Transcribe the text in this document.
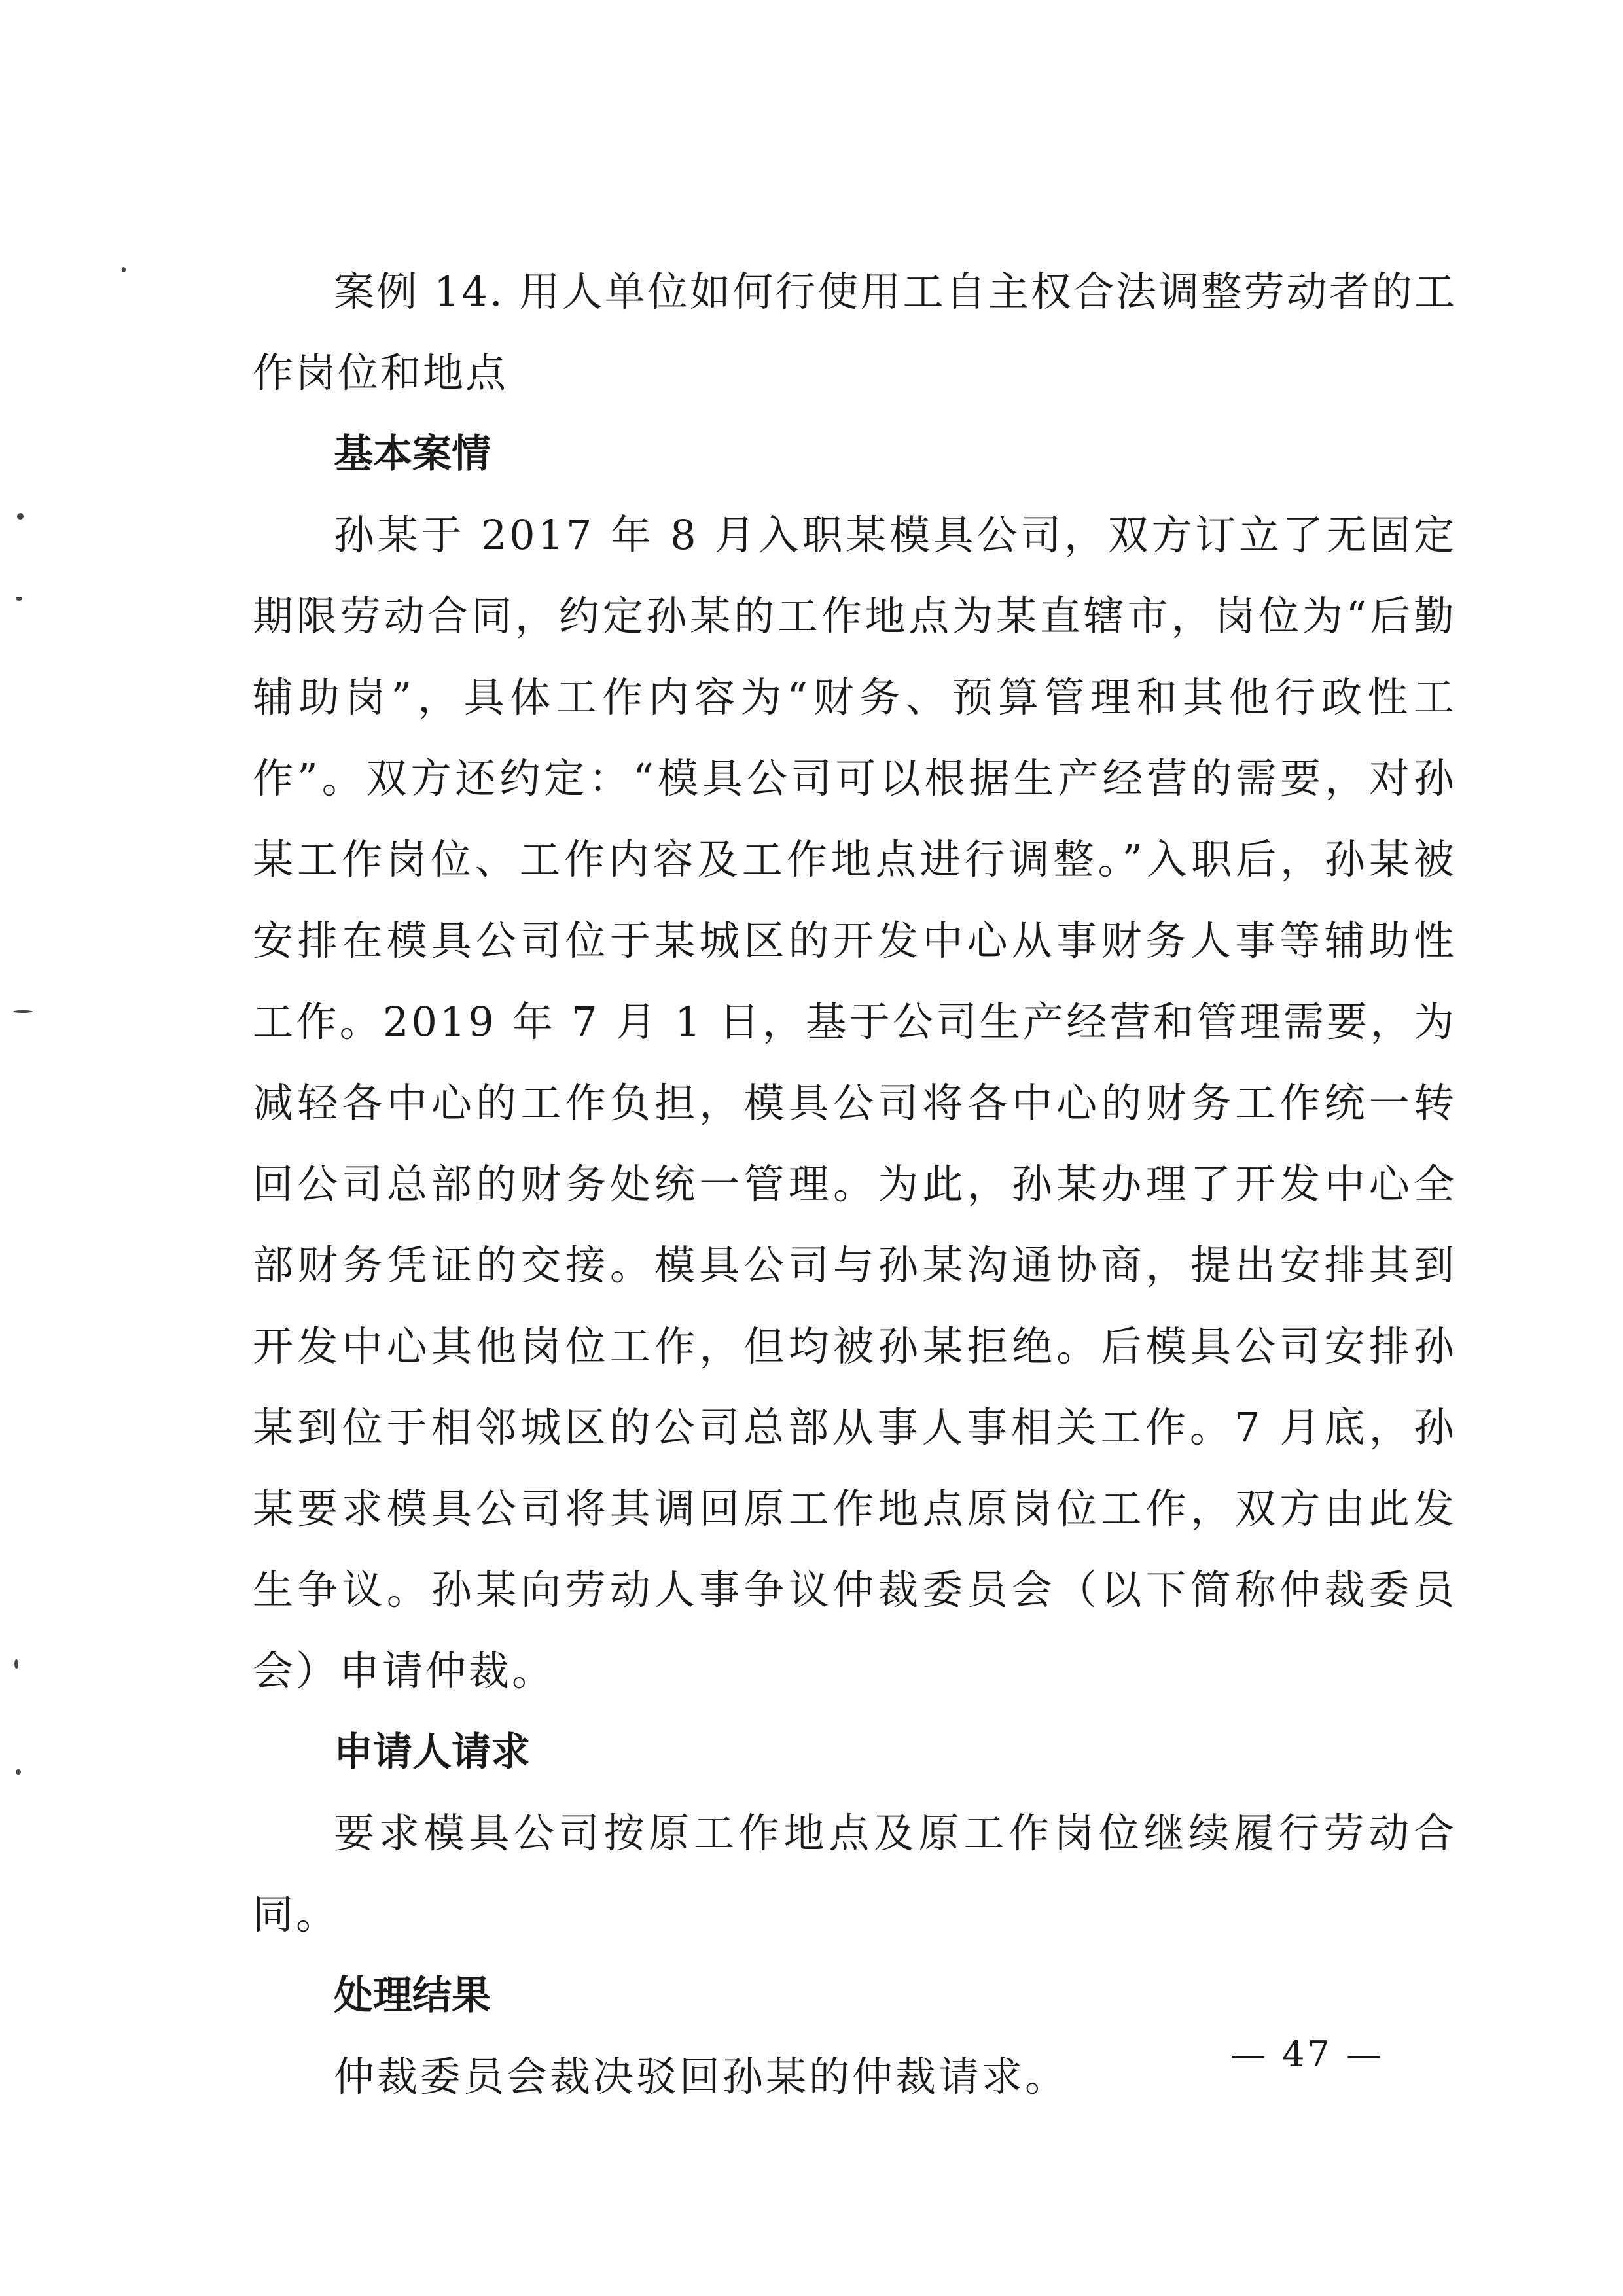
案例 14. 用人单位如何行使用工自主权合法调整劳动者的工作岗位和地点

基本案情

孙某于 2017 年 8 月入职某模具公司，双方订立了无固定期限劳动合同，约定孙某的工作地点为某直辖市，岗位为“后勤辅助岗”，具体工作内容为“财务、预算管理和其他行政性工作”。双方还约定：“模具公司可以根据生产经营的需要，对孙某工作岗位、工作内容及工作地点进行调整。”入职后，孙某被安排在模具公司位于某城区的开发中心从事财务人事等辅助性工作。2019 年 7 月 1 日，基于公司生产经营和管理需要，为减轻各中心的工作负担，模具公司将各中心的财务工作统一转回公司总部的财务处统一管理。为此，孙某办理了开发中心全部财务凭证的交接。模具公司与孙某沟通协商，提出安排其到开发中心其他岗位工作，但均被孙某拒绝。后模具公司安排孙某到位于相邻城区的公司总部从事人事相关工作。7 月底，孙某要求模具公司将其调回原工作地点原岗位工作，双方由此发生争议。孙某向劳动人事争议仲裁委员会（以下简称仲裁委员会）申请仲裁。

申请人请求

要求模具公司按原工作地点及原工作岗位继续履行劳动合同。

处理结果

仲裁委员会裁决驳回孙某的仲裁请求。	— 47 —
